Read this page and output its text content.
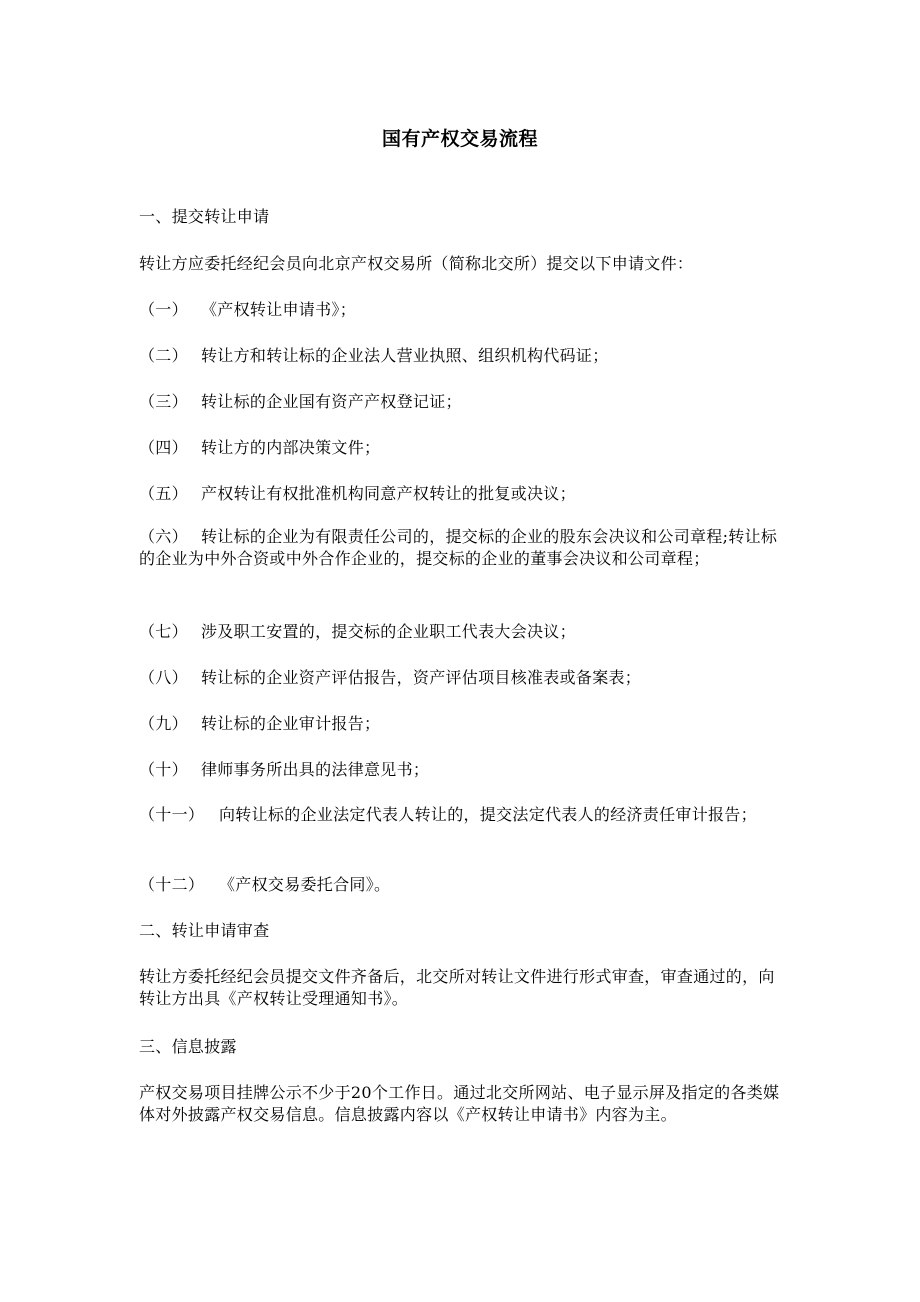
国有产权交易流程

一、提交转让申请

转让方应委托经纪会员向北京产权交易所（简称北交所）提交以下申请文件：

（一） 《产权转让申请书》；

（二） 转让方和转让标的企业法人营业执照、组织机构代码证；

（三） 转让标的企业国有资产产权登记证；

（四） 转让方的内部决策文件；

（五） 产权转让有权批准机构同意产权转让的批复或决议；

（六） 转让标的企业为有限责任公司的，提交标的企业的股东会决议和公司章程;转让标的企业为中外合资或中外合作企业的，提交标的企业的董事会决议和公司章程；

（七） 涉及职工安置的，提交标的企业职工代表大会决议；

（八） 转让标的企业资产评估报告，资产评估项目核准表或备案表；

（九） 转让标的企业审计报告；

（十） 律师事务所出具的法律意见书；

（十一） 向转让标的企业法定代表人转让的，提交法定代表人的经济责任审计报告；

（十二） 《产权交易委托合同》。

二、转让申请审查

转让方委托经纪会员提交文件齐备后，北交所对转让文件进行形式审查，审查通过的，向转让方出具《产权转让受理通知书》。

三、信息披露

产权交易项目挂牌公示不少于20个工作日。通过北交所网站、电子显示屏及指定的各类媒体对外披露产权交易信息。信息披露内容以《产权转让申请书》内容为主。
